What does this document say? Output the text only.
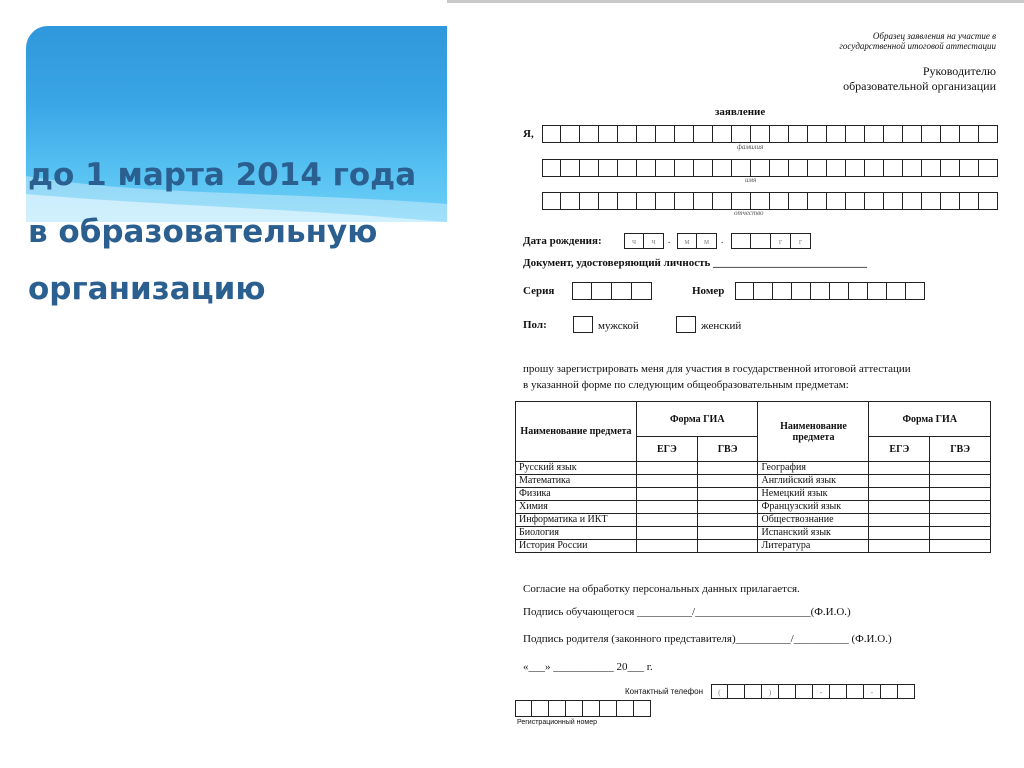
до 1 марта 2014 года
в образовательную
организацию
Образец заявления на участие в
государственной итоговой аттестации
Руководителю
образовательной организации
заявление
Я,
фамилия
имя
отчество
Дата рождения:	ч	ч	.	м	м	.	г	г
Документ, удостоверяющий личность ____________________________
Серия	Номер
Пол:	мужской	женский
прошу зарегистрировать меня для участия в государственной итоговой аттестации
в указанной форме по следующим общеобразовательным предметам:
Наименование предмета	Форма ГИА		Наименование предмета	Форма ГИА	
	ЕГЭ	ГВЭ		ЕГЭ	ГВЭ
Русский язык			География		
Математика			Английский язык		
Физика			Немецкий язык		
Химия			Французский язык		
Информатика и ИКТ			Обществознание		
Биология			Испанский язык		
История России			Литература		
Согласие на обработку персональных данных прилагается.
Подпись обучающегося __________/_____________________(Ф.И.О.)
Подпись родителя (законного представителя)__________/__________ (Ф.И.О.)
«___» ___________ 20___ г.
Контактный телефон	(	)	-	-
Регистрационный номер
